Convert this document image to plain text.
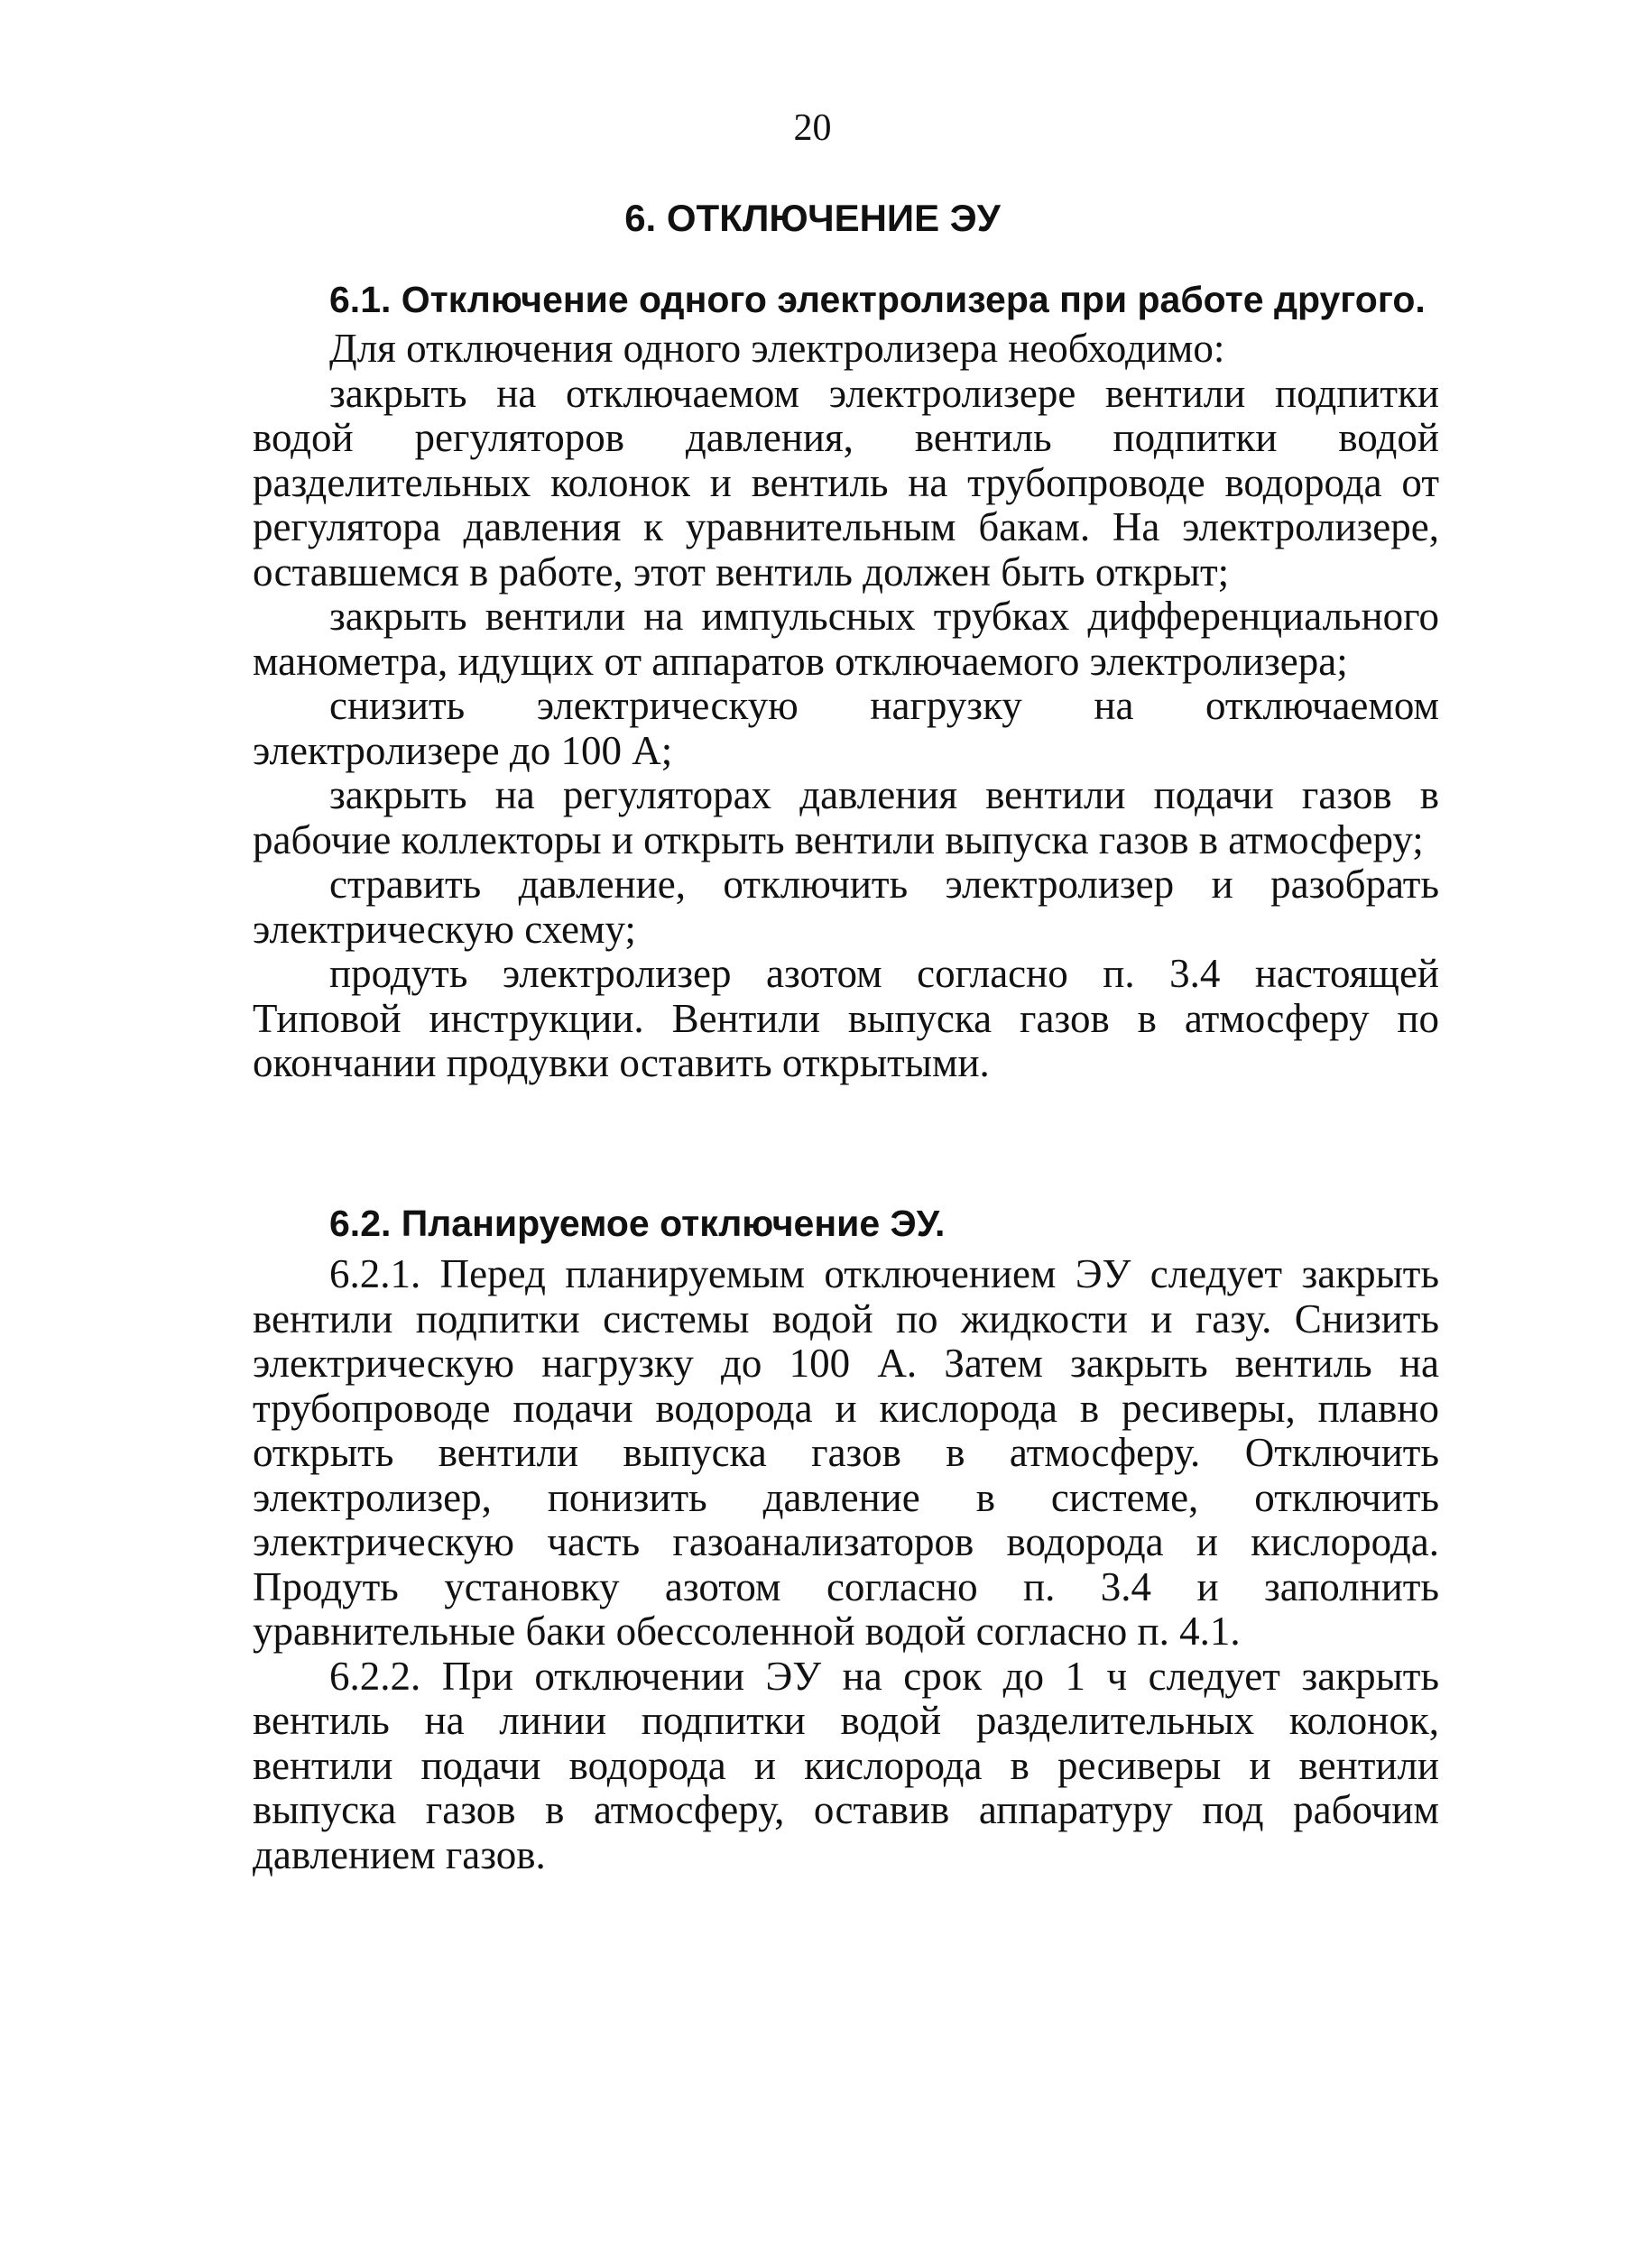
20
6. ОТКЛЮЧЕНИЕ ЭУ
6.1. Отключение одного электролизера при работе другого.

Для отключения одного электролизера необходимо:

закрыть на отключаемом электролизере вентили подпитки водой регуляторов давления, вентиль подпитки водой разделительных колонок и вентиль на трубопроводе водорода от регулятора давления к уравнительным бакам. На электролизере, оставшемся в работе, этот вентиль должен быть открыт;

закрыть вентили на импульсных трубках дифференциального манометра, идущих от аппаратов отключаемого электролизера;

снизить электрическую нагрузку на отключаемом электролизере до 100 А;

закрыть на регуляторах давления вентили подачи газов в рабочие коллекторы и открыть вентили выпуска газов в атмосферу;

стравить давление, отключить электролизер и разобрать электрическую схему;

продуть электролизер азотом согласно п. 3.4 настоящей Типовой инструкции. Вентили выпуска газов в атмосферу по окончании продувки оставить открытыми.

6.2. Планируемое отключение ЭУ.

6.2.1. Перед планируемым отключением ЭУ следует закрыть вентили подпитки системы водой по жидкости и газу. Снизить электрическую нагрузку до 100 А. Затем закрыть вентиль на трубопроводе подачи водорода и кислорода в ресиверы, плавно открыть вентили выпуска газов в атмосферу. Отключить электролизер, понизить давление в системе, отключить электрическую часть газоанализаторов водорода и кислорода. Продуть установку азотом согласно п. 3.4 и заполнить уравнительные баки обессоленной водой согласно п. 4.1.

6.2.2. При отключении ЭУ на срок до 1 ч следует закрыть вентиль на линии подпитки водой разделительных колонок, вентили подачи водорода и кислорода в ресиверы и вентили выпуска газов в атмосферу, оставив аппаратуру под рабочим давлением газов.
